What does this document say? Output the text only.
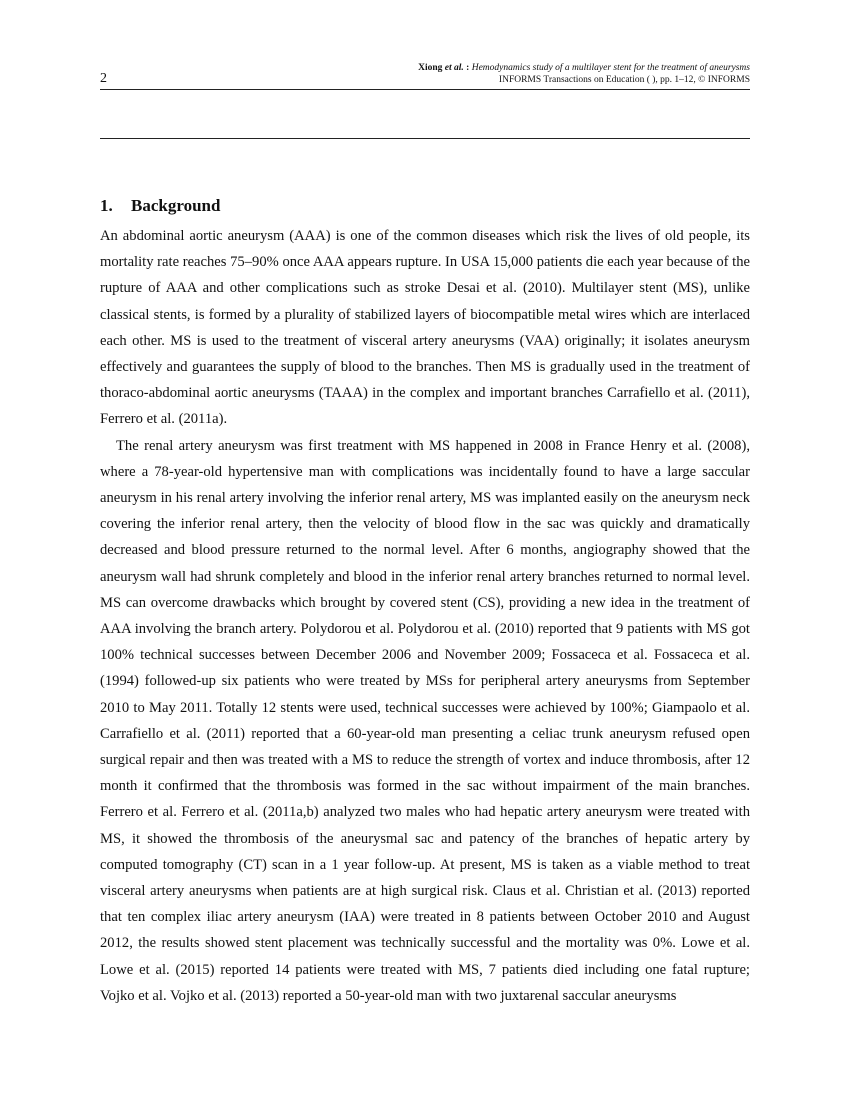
2
Xiong et al. : Hemodynamics study of a multilayer stent for the treatment of aneurysms
INFORMS Transactions on Education ( ), pp. 1–12, © INFORMS
1. Background

An abdominal aortic aneurysm (AAA) is one of the common diseases which risk the lives of old people, its mortality rate reaches 75–90% once AAA appears rupture. In USA 15,000 patients die each year because of the rupture of AAA and other complications such as stroke Desai et al. (2010). Multilayer stent (MS), unlike classical stents, is formed by a plurality of stabilized layers of biocompatible metal wires which are interlaced each other. MS is used to the treatment of visceral artery aneurysms (VAA) originally; it isolates aneurysm effectively and guarantees the supply of blood to the branches. Then MS is gradually used in the treatment of thoraco-abdominal aortic aneurysms (TAAA) in the complex and important branches Carrafiello et al. (2011), Ferrero et al. (2011a).

The renal artery aneurysm was first treatment with MS happened in 2008 in France Henry et al. (2008), where a 78-year-old hypertensive man with complications was incidentally found to have a large saccular aneurysm in his renal artery involving the inferior renal artery, MS was implanted easily on the aneurysm neck covering the inferior renal artery, then the velocity of blood flow in the sac was quickly and dramatically decreased and blood pressure returned to the normal level. After 6 months, angiography showed that the aneurysm wall had shrunk completely and blood in the inferior renal artery branches returned to normal level. MS can overcome drawbacks which brought by covered stent (CS), providing a new idea in the treatment of AAA involving the branch artery. Polydorou et al. Polydorou et al. (2010) reported that 9 patients with MS got 100% technical successes between December 2006 and November 2009; Fossaceca et al. Fossaceca et al. (1994) followed-up six patients who were treated by MSs for peripheral artery aneurysms from September 2010 to May 2011. Totally 12 stents were used, technical successes were achieved by 100%; Giampaolo et al. Carrafiello et al. (2011) reported that a 60-year-old man presenting a celiac trunk aneurysm refused open surgical repair and then was treated with a MS to reduce the strength of vortex and induce thrombosis, after 12 month it confirmed that the thrombosis was formed in the sac without impairment of the main branches. Ferrero et al. Ferrero et al. (2011a,b) analyzed two males who had hepatic artery aneurysm were treated with MS, it showed the thrombosis of the aneurysmal sac and patency of the branches of hepatic artery by computed tomography (CT) scan in a 1 year follow-up. At present, MS is taken as a viable method to treat visceral artery aneurysms when patients are at high surgical risk. Claus et al. Christian et al. (2013) reported that ten complex iliac artery aneurysm (IAA) were treated in 8 patients between October 2010 and August 2012, the results showed stent placement was technically successful and the mortality was 0%. Lowe et al. Lowe et al. (2015) reported 14 patients were treated with MS, 7 patients died including one fatal rupture; Vojko et al. Vojko et al. (2013) reported a 50-year-old man with two juxtarenal saccular aneurysms
